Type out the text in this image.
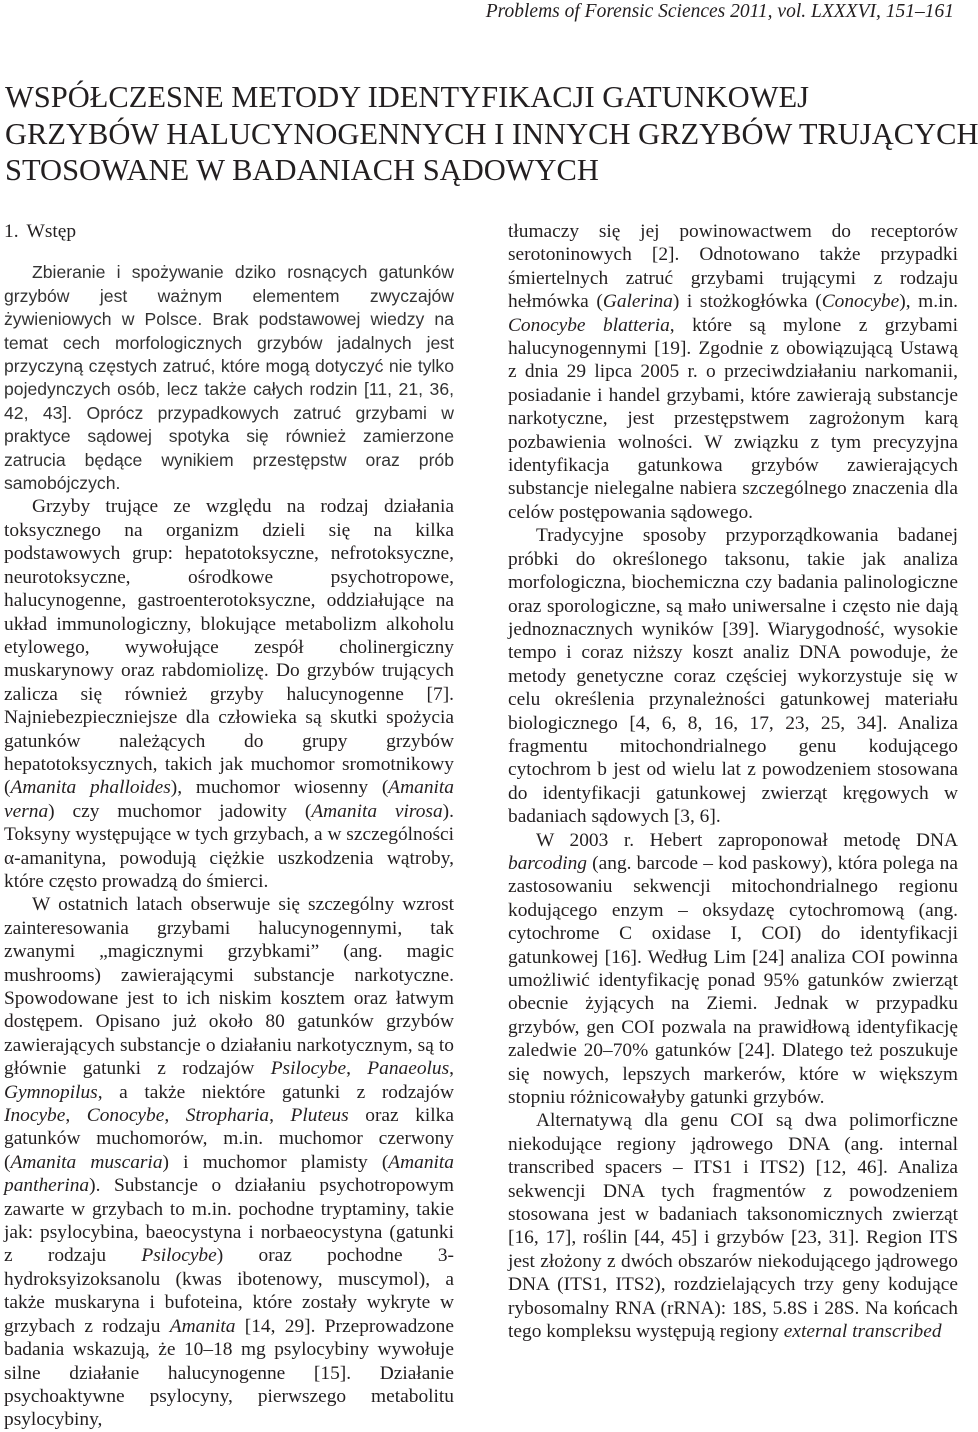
Problems of Forensic Sciences 2011, vol. LXXXVI, 151–161
WSPÓŁCZESNE METODY IDENTYFIKACJI GATUNKOWEJ
GRZYBÓW HALUCYNOGENNYCH I INNYCH GRZYBÓW TRUJĄCYCH
STOSOWANE W BADANIACH SĄDOWYCH
1. Wstęp

Zbieranie i spożywanie dziko rosnących gatunków grzybów jest ważnym elementem zwyczajów żywieniowych w Polsce. Brak podstawowej wiedzy na temat cech morfologicznych grzybów jadalnych jest przyczyną częstych zatruć, które mogą dotyczyć nie tylko pojedynczych osób, lecz także całych rodzin [11, 21, 36, 42, 43]. Oprócz przypadkowych zatruć grzybami w praktyce sądowej spotyka się również zamierzone zatrucia będące wynikiem przestępstw oraz prób samobójczych.

Grzyby trujące ze względu na rodzaj działania toksycznego na organizm dzieli się na kilka podstawowych grup: hepatotoksyczne, nefrotoksyczne, neurotoksyczne, ośrodkowe psychotropowe, halucynogenne, gastroenterotoksyczne, oddziałujące na układ immunologiczny, blokujące metabolizm alkoholu etylowego, wywołujące zespół cholinergiczny muskarynowy oraz rabdomiolizę. Do grzybów trujących zalicza się również grzyby halucynogenne [7]. Najniebezpieczniejsze dla człowieka są skutki spożycia gatunków należących do grupy grzybów hepatotoksycznych, takich jak muchomor sromotnikowy (Amanita phalloides), muchomor wiosenny (Amanita verna) czy muchomor jadowity (Amanita virosa). Toksyny występujące w tych grzybach, a w szczególności α-amanityna, powodują ciężkie uszkodzenia wątroby, które często prowadzą do śmierci.

W ostatnich latach obserwuje się szczególny wzrost zainteresowania grzybami halucynogennymi, tak zwanymi „magicznymi grzybkami” (ang. magic mushrooms) zawierającymi substancje narkotyczne. Spowodowane jest to ich niskim kosztem oraz łatwym dostępem. Opisano już około 80 gatunków grzybów zawierających substancje o działaniu narkotycznym, są to głównie gatunki z rodzajów Psilocybe, Panaeolus, Gymnopilus, a także niektóre gatunki z rodzajów Inocybe, Conocybe, Stropharia, Pluteus oraz kilka gatunków muchomorów, m.in. muchomor czerwony (Amanita muscaria) i muchomor plamisty (Amanita pantherina). Substancje o działaniu psychotropowym zawarte w grzybach to m.in. pochodne tryptaminy, takie jak: psylocybina, baeocystyna i norbaeocystyna (gatunki z rodzaju Psilocybe) oraz pochodne 3-hydroksyizoksanolu (kwas ibotenowy, muscymol), a także muskaryna i bufoteina, które zostały wykryte w grzybach z rodzaju Amanita [14, 29]. Przeprowadzone badania wskazują, że 10–18 mg psylocybiny wywołuje silne działanie halucynogenne [15]. Działanie psychoaktywne psylocyny, pierwszego metabolitu psylocybiny,

tłumaczy się jej powinowactwem do receptorów serotoninowych [2]. Odnotowano także przypadki śmiertelnych zatruć grzybami trującymi z rodzaju hełmówka (Galerina) i stożkogłówka (Conocybe), m.in. Conocybe blatteria, które są mylone z grzybami halucynogennymi [19]. Zgodnie z obowiązującą Ustawą z dnia 29 lipca 2005 r. o przeciwdziałaniu narkomanii, posiadanie i handel grzybami, które zawierają substancje narkotyczne, jest przestępstwem zagrożonym karą pozbawienia wolności. W związku z tym precyzyjna identyfikacja gatunkowa grzybów zawierających substancje nielegalne nabiera szczególnego znaczenia dla celów postępowania sądowego.

Tradycyjne sposoby przyporządkowania badanej próbki do określonego taksonu, takie jak analiza morfologiczna, biochemiczna czy badania palinologiczne oraz sporologiczne, są mało uniwersalne i często nie dają jednoznacznych wyników [39]. Wiarygodność, wysokie tempo i coraz niższy koszt analiz DNA powoduje, że metody genetyczne coraz częściej wykorzystuje się w celu określenia przynależności gatunkowej materiału biologicznego [4, 6, 8, 16, 17, 23, 25, 34]. Analiza fragmentu mitochondrialnego genu kodującego cytochrom b jest od wielu lat z powodzeniem stosowana do identyfikacji gatunkowej zwierząt kręgowych w badaniach sądowych [3, 6].

W 2003 r. Hebert zaproponował metodę DNA barcoding (ang. barcode – kod paskowy), która polega na zastosowaniu sekwencji mitochondrialnego regionu kodującego enzym – oksydazę cytochromową (ang. cytochrome C oxidase I, COI) do identyfikacji gatunkowej [16]. Według Lim [24] analiza COI powinna umożliwić identyfikację ponad 95% gatunków zwierząt obecnie żyjących na Ziemi. Jednak w przypadku grzybów, gen COI pozwala na prawidłową identyfikację zaledwie 20–70% gatunków [24]. Dlatego też poszukuje się nowych, lepszych markerów, które w większym stopniu różnicowałyby gatunki grzybów.

Alternatywą dla genu COI są dwa polimorficzne niekodujące regiony jądrowego DNA (ang. internal transcribed spacers – ITS1 i ITS2) [12, 46]. Analiza sekwencji DNA tych fragmentów z powodzeniem stosowana jest w badaniach taksonomicznych zwierząt [16, 17], roślin [44, 45] i grzybów [23, 31]. Region ITS jest złożony z dwóch obszarów niekodującego jądrowego DNA (ITS1, ITS2), rozdzielających trzy geny kodujące rybosomalny RNA (rRNA): 18S, 5.8S i 28S. Na końcach tego kompleksu występują regiony external transcribed
